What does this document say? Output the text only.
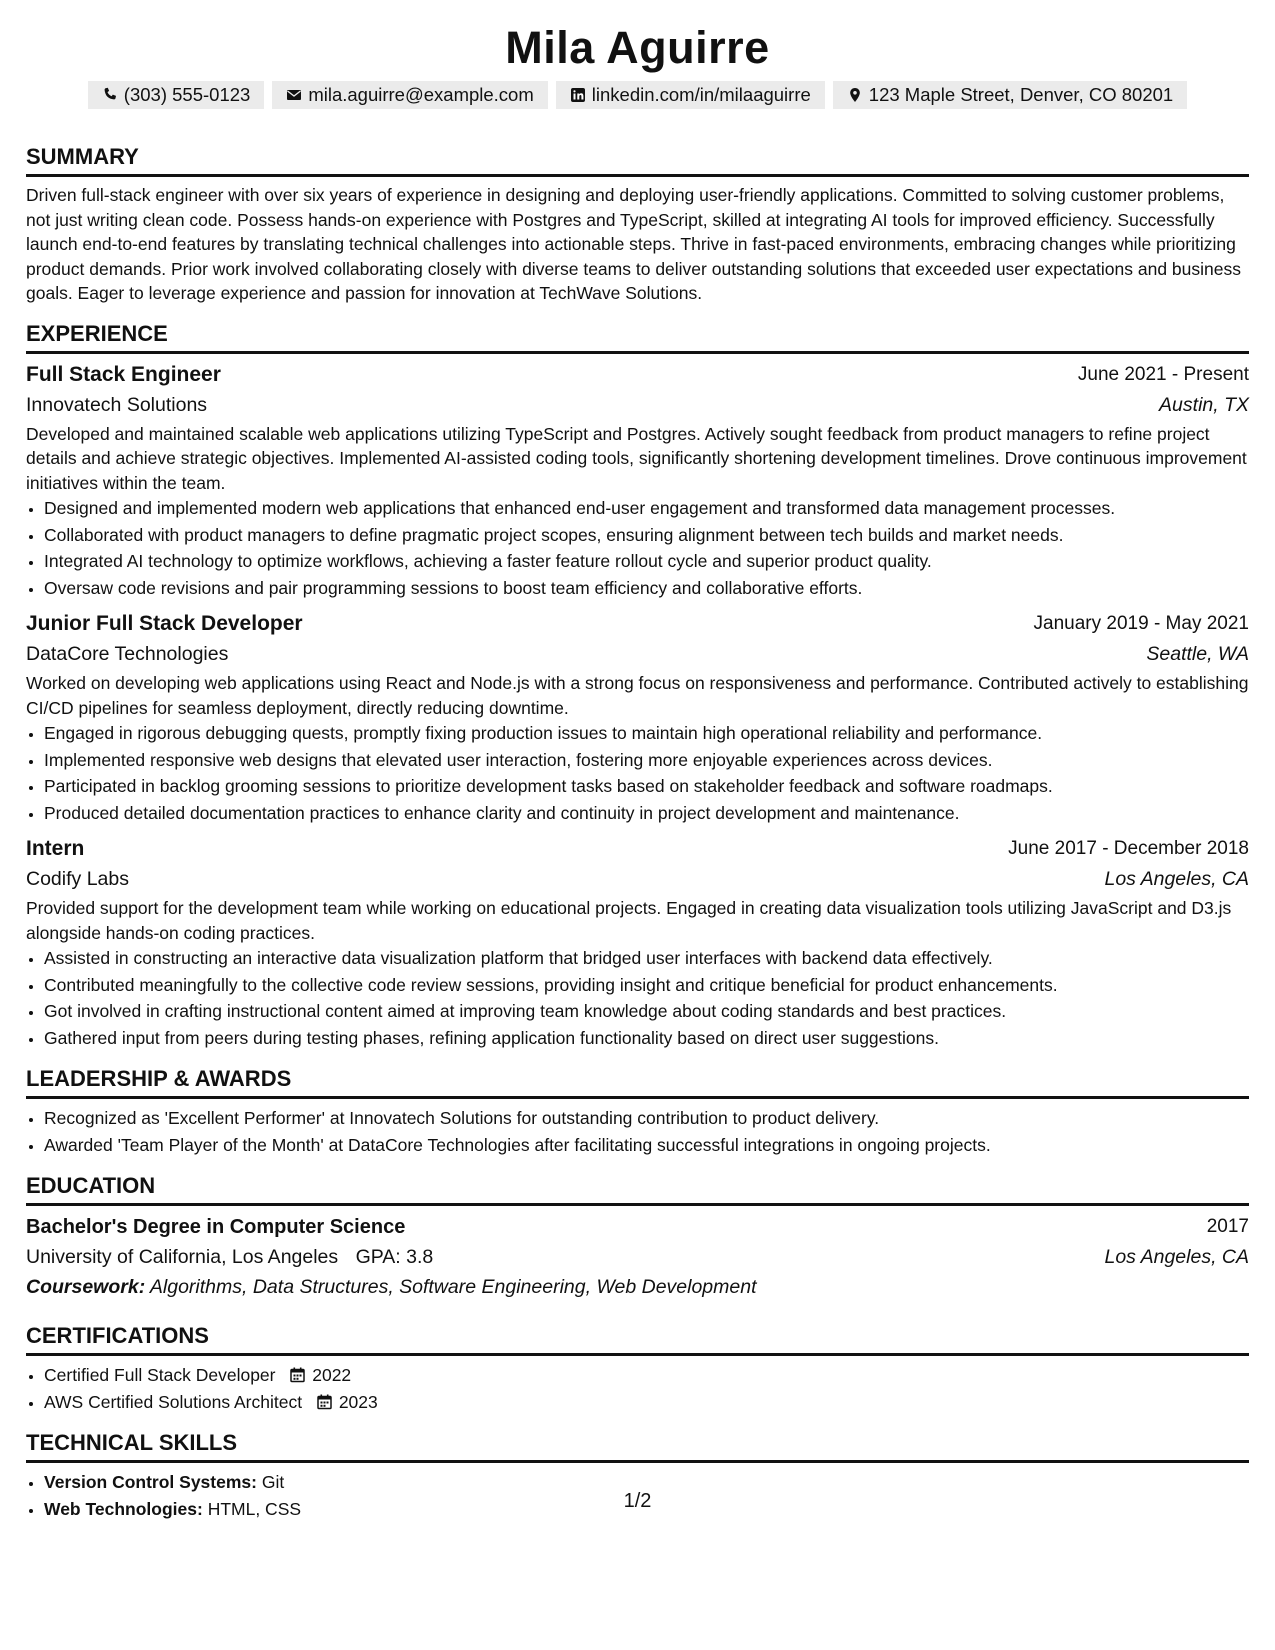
Mila Aguirre
(303) 555-0123	mila.aguirre@example.com	linkedin.com/in/milaaguirre	123 Maple Street, Denver, CO 80201
SUMMARY

Driven full-stack engineer with over six years of experience in designing and deploying user-friendly applications. Committed to solving customer problems, not just writing clean code. Possess hands-on experience with Postgres and TypeScript, skilled at integrating AI tools for improved efficiency. Successfully launch end-to-end features by translating technical challenges into actionable steps. Thrive in fast-paced environments, embracing changes while prioritizing product demands. Prior work involved collaborating closely with diverse teams to deliver outstanding solutions that exceeded user expectations and business goals. Eager to leverage experience and passion for innovation at TechWave Solutions.

EXPERIENCE
Full Stack Engineer	June 2021 - Present
Innovatech Solutions	Austin, TX

Developed and maintained scalable web applications utilizing TypeScript and Postgres. Actively sought feedback from product managers to refine project details and achieve strategic objectives. Implemented AI-assisted coding tools, significantly shortening development timelines. Drove continuous improvement initiatives within the team.

• Designed and implemented modern web applications that enhanced end-user engagement and transformed data management processes.
• Collaborated with product managers to define pragmatic project scopes, ensuring alignment between tech builds and market needs.
• Integrated AI technology to optimize workflows, achieving a faster feature rollout cycle and superior product quality.
• Oversaw code revisions and pair programming sessions to boost team efficiency and collaborative efforts.
Junior Full Stack Developer	January 2019 - May 2021
DataCore Technologies	Seattle, WA

Worked on developing web applications using React and Node.js with a strong focus on responsiveness and performance. Contributed actively to establishing CI/CD pipelines for seamless deployment, directly reducing downtime.

• Engaged in rigorous debugging quests, promptly fixing production issues to maintain high operational reliability and performance.
• Implemented responsive web designs that elevated user interaction, fostering more enjoyable experiences across devices.
• Participated in backlog grooming sessions to prioritize development tasks based on stakeholder feedback and software roadmaps.
• Produced detailed documentation practices to enhance clarity and continuity in project development and maintenance.
Intern	June 2017 - December 2018
Codify Labs	Los Angeles, CA

Provided support for the development team while working on educational projects. Engaged in creating data visualization tools utilizing JavaScript and D3.js alongside hands-on coding practices.

• Assisted in constructing an interactive data visualization platform that bridged user interfaces with backend data effectively.
• Contributed meaningfully to the collective code review sessions, providing insight and critique beneficial for product enhancements.
• Got involved in crafting instructional content aimed at improving team knowledge about coding standards and best practices.
• Gathered input from peers during testing phases, refining application functionality based on direct user suggestions.
LEADERSHIP & AWARDS
• Recognized as 'Excellent Performer' at Innovatech Solutions for outstanding contribution to product delivery.
• Awarded 'Team Player of the Month' at DataCore Technologies after facilitating successful integrations in ongoing projects.
EDUCATION
Bachelor's Degree in Computer Science	2017
University of California, Los Angeles GPA: 3.8	Los Angeles, CA
Coursework: Algorithms, Data Structures, Software Engineering, Web Development
CERTIFICATIONS
• Certified Full Stack Developer 2022
• AWS Certified Solutions Architect 2023
TECHNICAL SKILLS
• Version Control Systems: Git
• Web Technologies: HTML, CSS	1/2
